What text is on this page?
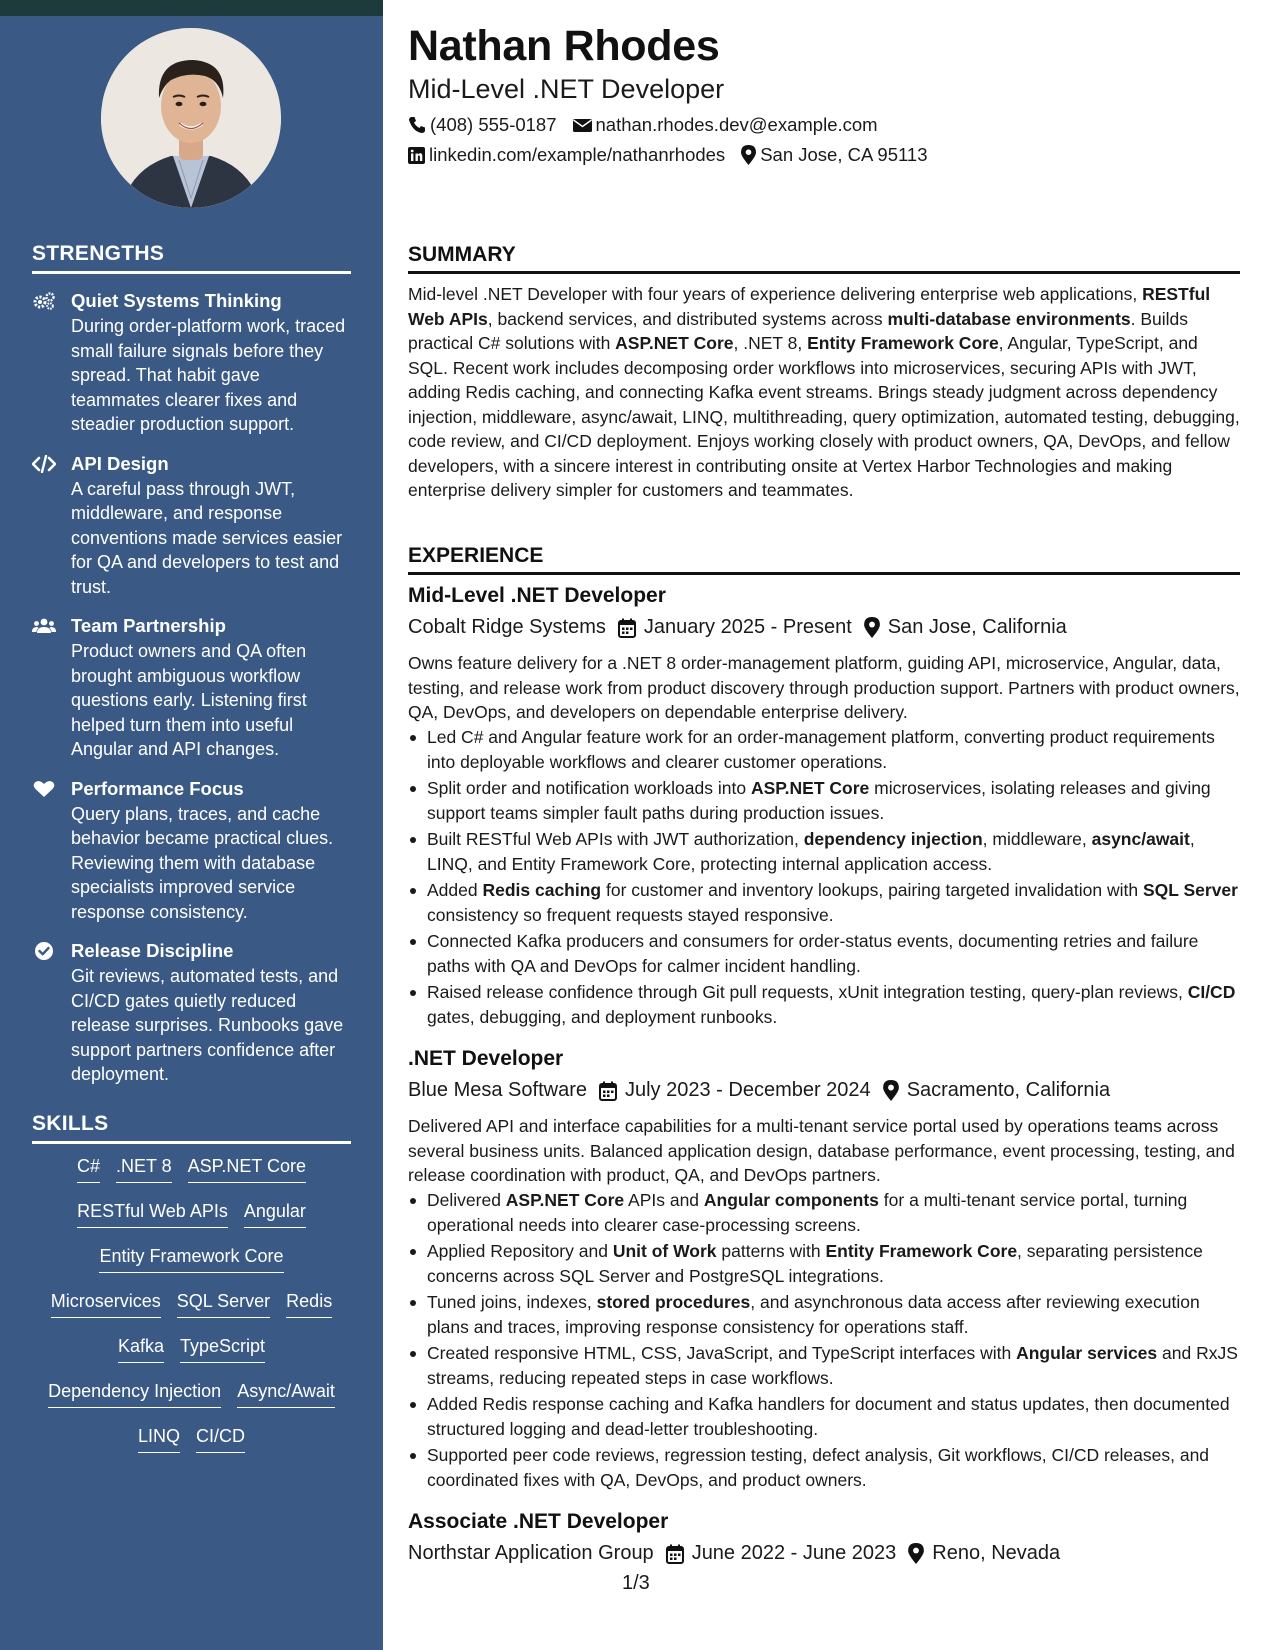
STRENGTHS
Quiet Systems Thinking
During order-platform work, traced small failure signals before they spread. That habit gave teammates clearer fixes and steadier production support.
API Design
A careful pass through JWT, middleware, and response conventions made services easier for QA and developers to test and trust.
Team Partnership
Product owners and QA often brought ambiguous workflow questions early. Listening first helped turn them into useful Angular and API changes.
Performance Focus
Query plans, traces, and cache behavior became practical clues. Reviewing them with database specialists improved service response consistency.
Release Discipline
Git reviews, automated tests, and CI/CD gates quietly reduced release surprises. Runbooks gave support partners confidence after deployment.
SKILLS
C# .NET 8 ASP.NET Core
RESTful Web APIs Angular
Entity Framework Core
Microservices SQL Server Redis
Kafka TypeScript
Dependency Injection Async/Await
LINQ CI/CD
Nathan Rhodes
Mid-Level .NET Developer
(408) 555-0187 nathan.rhodes.dev@example.com
linkedin.com/example/nathanrhodes San Jose, CA 95113
SUMMARY
Mid-level .NET Developer with four years of experience delivering enterprise web applications, RESTful Web APIs, backend services, and distributed systems across multi-database environments. Builds practical C# solutions with ASP.NET Core, .NET 8, Entity Framework Core, Angular, TypeScript, and SQL. Recent work includes decomposing order workflows into microservices, securing APIs with JWT, adding Redis caching, and connecting Kafka event streams. Brings steady judgment across dependency injection, middleware, async/await, LINQ, multithreading, query optimization, automated testing, debugging, code review, and CI/CD deployment. Enjoys working closely with product owners, QA, DevOps, and fellow developers, with a sincere interest in contributing onsite at Vertex Harbor Technologies and making enterprise delivery simpler for customers and teammates.
EXPERIENCE
Mid-Level .NET Developer
Cobalt Ridge Systems January 2025 - Present San Jose, California
Owns feature delivery for a .NET 8 order-management platform, guiding API, microservice, Angular, data, testing, and release work from product discovery through production support. Partners with product owners, QA, DevOps, and developers on dependable enterprise delivery.
Led C# and Angular feature work for an order-management platform, converting product requirements into deployable workflows and clearer customer operations.
Split order and notification workloads into ASP.NET Core microservices, isolating releases and giving support teams simpler fault paths during production issues.
Built RESTful Web APIs with JWT authorization, dependency injection, middleware, async/await, LINQ, and Entity Framework Core, protecting internal application access.
Added Redis caching for customer and inventory lookups, pairing targeted invalidation with SQL Server consistency so frequent requests stayed responsive.
Connected Kafka producers and consumers for order-status events, documenting retries and failure paths with QA and DevOps for calmer incident handling.
Raised release confidence through Git pull requests, xUnit integration testing, query-plan reviews, CI/CD gates, debugging, and deployment runbooks.
.NET Developer
Blue Mesa Software July 2023 - December 2024 Sacramento, California
Delivered API and interface capabilities for a multi-tenant service portal used by operations teams across several business units. Balanced application design, database performance, event processing, testing, and release coordination with product, QA, and DevOps partners.
Delivered ASP.NET Core APIs and Angular components for a multi-tenant service portal, turning operational needs into clearer case-processing screens.
Applied Repository and Unit of Work patterns with Entity Framework Core, separating persistence concerns across SQL Server and PostgreSQL integrations.
Tuned joins, indexes, stored procedures, and asynchronous data access after reviewing execution plans and traces, improving response consistency for operations staff.
Created responsive HTML, CSS, JavaScript, and TypeScript interfaces with Angular services and RxJS streams, reducing repeated steps in case workflows.
Added Redis response caching and Kafka handlers for document and status updates, then documented structured logging and dead-letter troubleshooting.
Supported peer code reviews, regression testing, defect analysis, Git workflows, CI/CD releases, and coordinated fixes with QA, DevOps, and product owners.
Associate .NET Developer
Northstar Application Group June 2022 - June 2023 Reno, Nevada
1/3
